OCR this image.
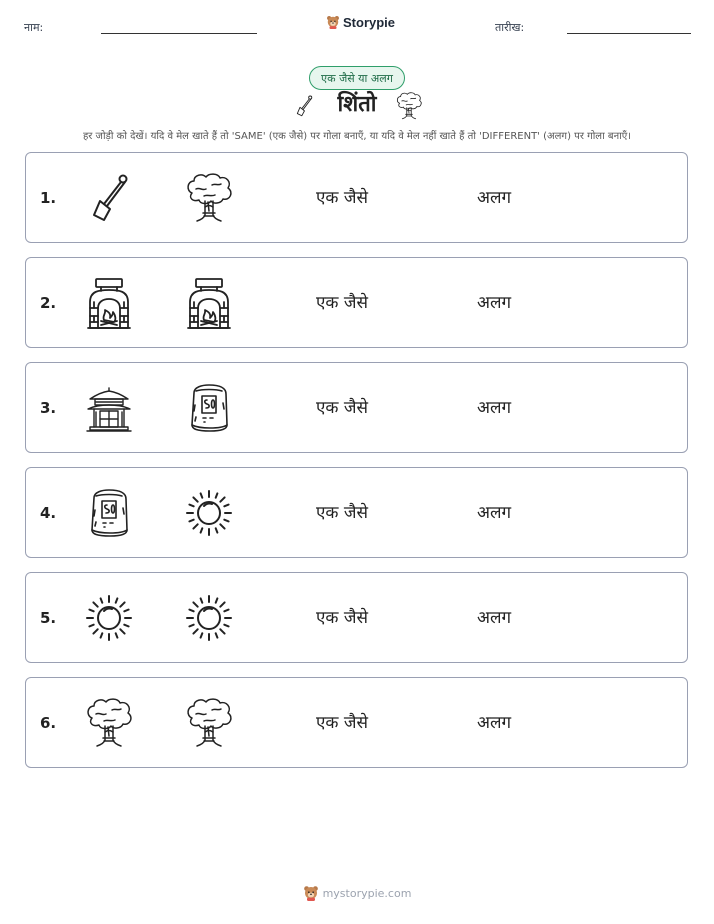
नाम:	Storypie	तारीख:
एक जैसे या अलग
शिंतो
हर जोड़ी को देखें। यदि वे मेल खाते हैं तो 'SAME' (एक जैसे) पर गोला बनाएँ, या यदि वे मेल नहीं खाते हैं तो 'DIFFERENT' (अलग) पर गोला बनाएँ।
1.	एक जैसे	अलग
2.	एक जैसे	अलग
3.	एक जैसे	अलग
4.	एक जैसे	अलग
5.	एक जैसे	अलग
6.	एक जैसे	अलग
mystorypie.com
